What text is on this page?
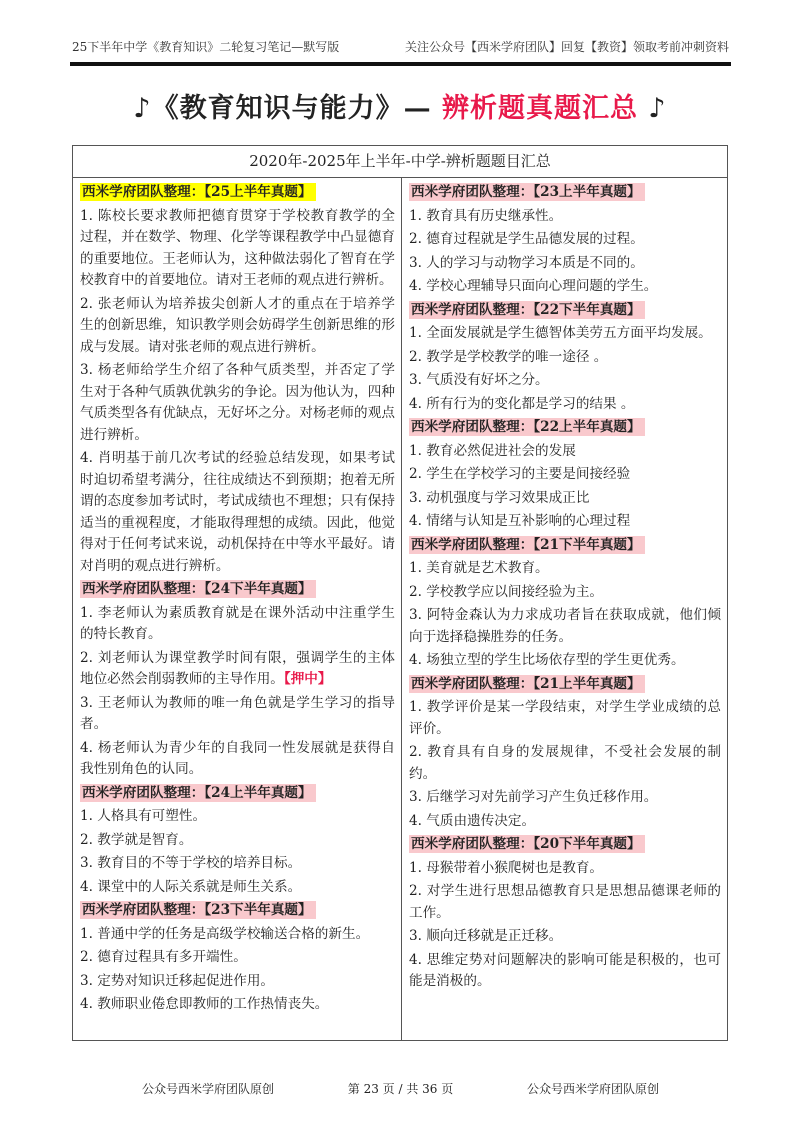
25下半年中学《教育知识》二轮复习笔记—默写版	关注公众号【西米学府团队】回复【教资】领取考前冲刺资料
♪《教育知识与能力》— 辨析题真题汇总 ♪
2020年-2025年上半年-中学-辨析题题目汇总
西米学府团队整理：【25上半年真题】
1. 陈校长要求教师把德育贯穿于学校教育教学的全过程，并在数学、物理、化学等课程教学中凸显德育的重要地位。王老师认为，这种做法弱化了智育在学校教育中的首要地位。请对王老师的观点进行辨析。
2. 张老师认为培养拔尖创新人才的重点在于培养学生的创新思维，知识教学则会妨碍学生创新思维的形成与发展。请对张老师的观点进行辨析。
3. 杨老师给学生介绍了各种气质类型，并否定了学生对于各种气质孰优孰劣的争论。因为他认为，四种气质类型各有优缺点，无好坏之分。对杨老师的观点进行辨析。
4. 肖明基于前几次考试的经验总结发现，如果考试时迫切希望考满分，往往成绩达不到预期；抱着无所谓的态度参加考试时，考试成绩也不理想；只有保持适当的重视程度，才能取得理想的成绩。因此，他觉得对于任何考试来说，动机保持在中等水平最好。请对肖明的观点进行辨析。
西米学府团队整理：【24下半年真题】
1. 李老师认为素质教育就是在课外活动中注重学生的特长教育。
2. 刘老师认为课堂教学时间有限，强调学生的主体地位必然会削弱教师的主导作用。【押中】
3. 王老师认为教师的唯一角色就是学生学习的指导者。
4. 杨老师认为青少年的自我同一性发展就是获得自我性别角色的认同。
西米学府团队整理：【24上半年真题】
1. 人格具有可塑性。
2. 教学就是智育。
3. 教育目的不等于学校的培养目标。
4. 课堂中的人际关系就是师生关系。
西米学府团队整理：【23下半年真题】
1. 普通中学的任务是高级学校输送合格的新生。
2. 德育过程具有多开端性。
3. 定势对知识迁移起促进作用。
4. 教师职业倦怠即教师的工作热情丧失。
西米学府团队整理：【23上半年真题】
1. 教育具有历史继承性。
2. 德育过程就是学生品德发展的过程。
3. 人的学习与动物学习本质是不同的。
4. 学校心理辅导只面向心理问题的学生。
西米学府团队整理：【22下半年真题】
1. 全面发展就是学生德智体美劳五方面平均发展。
2. 教学是学校教学的唯一途径 。
3. 气质没有好坏之分。
4. 所有行为的变化都是学习的结果 。
西米学府团队整理：【22上半年真题】
1. 教育必然促进社会的发展
2. 学生在学校学习的主要是间接经验
3. 动机强度与学习效果成正比
4. 情绪与认知是互补影响的心理过程
西米学府团队整理：【21下半年真题】
1. 美育就是艺术教育。
2. 学校教学应以间接经验为主。
3. 阿特金森认为力求成功者旨在获取成就，他们倾向于选择稳操胜券的任务。
4. 场独立型的学生比场依存型的学生更优秀。
西米学府团队整理：【21上半年真题】
1. 教学评价是某一学段结束，对学生学业成绩的总评价。
2. 教育具有自身的发展规律，不受社会发展的制约。
3. 后继学习对先前学习产生负迁移作用。
4. 气质由遗传决定。
西米学府团队整理：【20下半年真题】
1. 母猴带着小猴爬树也是教育。
2. 对学生进行思想品德教育只是思想品德课老师的工作。
3. 顺向迁移就是正迁移。
4. 思维定势对问题解决的影响可能是积极的，也可能是消极的。
公众号西米学府团队原创	第 23 页 / 共 36 页	公众号西米学府团队原创
